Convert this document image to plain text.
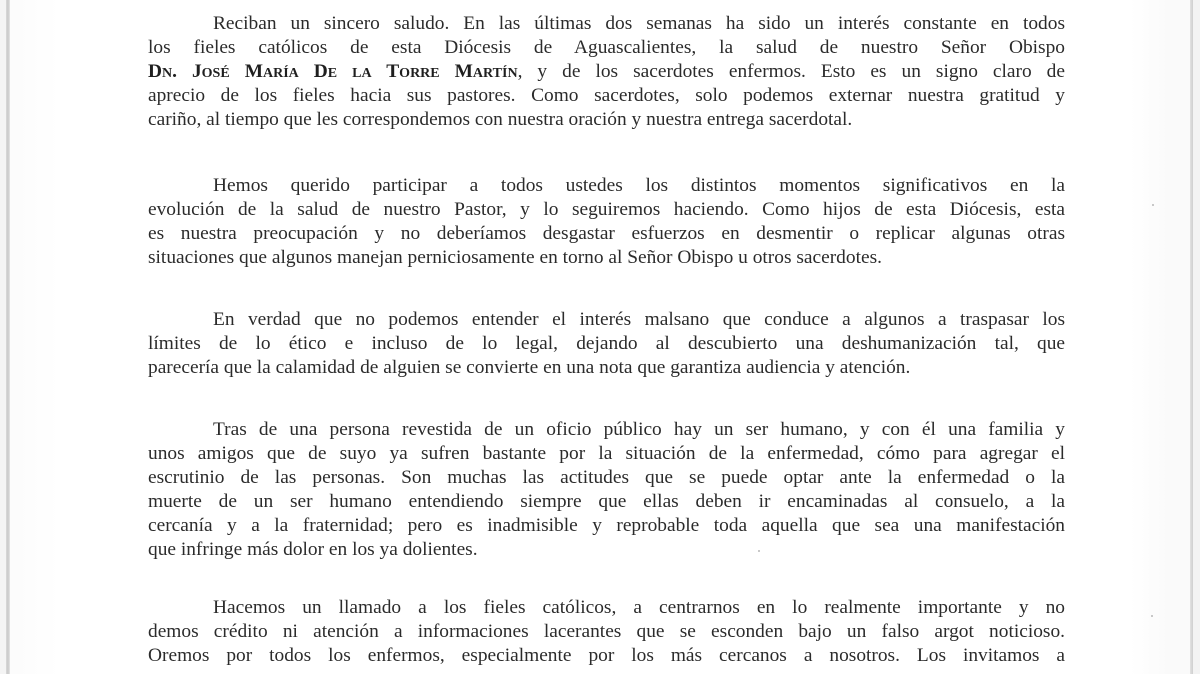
Reciban un sincero saludo. En las últimas dos semanas ha sido un interés constante en todos
los fieles católicos de esta Diócesis de Aguascalientes, la salud de nuestro Señor Obispo
Dn. José María De la Torre Martín, y de los sacerdotes enfermos. Esto es un signo claro de
aprecio de los fieles hacia sus pastores. Como sacerdotes, solo podemos externar nuestra gratitud y
cariño, al tiempo que les correspondemos con nuestra oración y nuestra entrega sacerdotal.
Hemos querido participar a todos ustedes los distintos momentos significativos en la
evolución de la salud de nuestro Pastor, y lo seguiremos haciendo. Como hijos de esta Diócesis, esta
es nuestra preocupación y no deberíamos desgastar esfuerzos en desmentir o replicar algunas otras
situaciones que algunos manejan perniciosamente en torno al Señor Obispo u otros sacerdotes.
En verdad que no podemos entender el interés malsano que conduce a algunos a traspasar los
límites de lo ético e incluso de lo legal, dejando al descubierto una deshumanización tal, que
parecería que la calamidad de alguien se convierte en una nota que garantiza audiencia y atención.
Tras de una persona revestida de un oficio público hay un ser humano, y con él una familia y
unos amigos que de suyo ya sufren bastante por la situación de la enfermedad, cómo para agregar el
escrutinio de las personas. Son muchas las actitudes que se puede optar ante la enfermedad o la
muerte de un ser humano entendiendo siempre que ellas deben ir encaminadas al consuelo, a la
cercanía y a la fraternidad; pero es inadmisible y reprobable toda aquella que sea una manifestación
que infringe más dolor en los ya dolientes.
Hacemos un llamado a los fieles católicos, a centrarnos en lo realmente importante y no
demos crédito ni atención a informaciones lacerantes que se esconden bajo un falso argot noticioso.
Oremos por todos los enfermos, especialmente por los más cercanos a nosotros. Los invitamos a
